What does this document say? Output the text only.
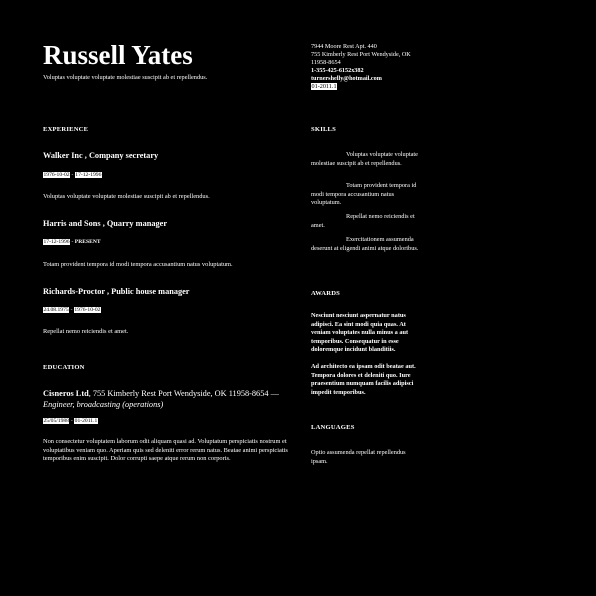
Russell Yates
Voluptas voluptate voluptate molestiae suscipit ab et repellendus.
EXPERIENCE
Walker Inc , Company secretary
1976-10-02 - 17-12-1996
Voluptas voluptate voluptate molestiae suscipit ab et repellendus.
Harris and Sons , Quarry manager
17-12-1996 - PRESENT
Totam provident tempora id modi tempora accusantium natus voluptatum.
Richards-Proctor , Public house manager
24.08.1975 - 1976-10-02
Repellat nemo reiciendis et amet.
EDUCATION
Cisneros Ltd, 755 Kimberly Rest Port Wendyside, OK 11958-8654 —
Engineer, broadcasting (operations)
25/05/1988 - 01-2011.1
Non consectetur voluptatem laborum odit aliquam quasi ad. Voluptatum perspiciatis nostrum et voluptatibus veniam quo. Aperiam quis sed deleniti error rerum natus. Beatae animi perspiciatis temporibus enim suscipit. Dolor corrupti saepe atque rerum non corporis.
7944 Moore Rest Apt. 440
755 Kimberly Rest Port Wendyside, OK
11958-8654
1-355-425-6152x382
turnershelly@hotmail.com
01-2011.1
SKILLS
Voluptas voluptate voluptate molestiae suscipit ab et repellendus.
Totam provident tempora id modi tempora accusantium natus voluptatum.
Repellat nemo reiciendis et amet.
Exercitationem assumenda deserunt at eligendi animi atque doloribus.
AWARDS
Nesciunt nesciunt aspernatur natus adipisci. Ea sint modi quia quas. At veniam voluptates nulla minus a aut temporibus. Consequatur in esse doloremque incidunt blanditiis.
Ad architecto ea ipsam odit beatae aut. Tempora dolores et deleniti quo. Iure praesentium numquam facilis adipisci impedit temporibus.
LANGUAGES
Optio assumenda repellat repellendus ipsam.
